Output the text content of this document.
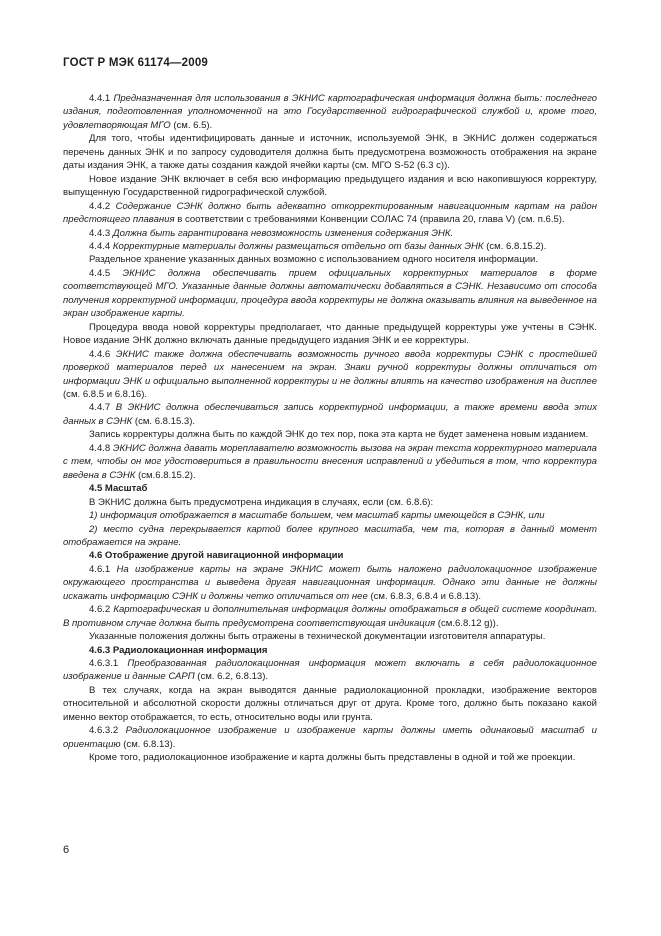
ГОСТ Р МЭК 61174—2009

4.4.1 Предназначенная для использования в ЭКНИС картографическая информация должна быть: последнего издания, подготовленная уполномоченной на это Государственной гидрографической службой и, кроме того, удовлетворяющая МГО (см. 6.5).

Для того, чтобы идентифицировать данные и источник, используемой ЭНК, в ЭКНИС должен содержаться перечень данных ЭНК и по запросу судоводителя должна быть предусмотрена возможность отображения на экране даты издания ЭНК, а также даты создания каждой ячейки карты (см. МГО S-52 (6.3 с)).

Новое издание ЭНК включает в себя всю информацию предыдущего издания и всю накопившуюся корректуру, выпущенную Государственной гидрографической службой.

4.4.2 Содержание СЭНК должно быть адекватно откорректированным навигационным картам на район предстоящего плавания в соответствии с требованиями Конвенции СОЛАС 74 (правила 20, глава V) (см. п.6.5).

4.4.3 Должна быть гарантирована невозможность изменения содержания ЭНК.

4.4.4 Корректурные материалы должны размещаться отдельно от базы данных ЭНК (см. 6.8.15.2).

Раздельное хранение указанных данных возможно с использованием одного носителя информации.

4.4.5 ЭКНИС должна обеспечивать прием официальных корректурных материалов в форме соответствующей МГО. Указанные данные должны автоматически добавляться в СЭНК. Независимо от способа получения корректурной информации, процедура ввода корректуры не должна оказывать влияния на выведенное на экран изображение карты.

Процедура ввода новой корректуры предполагает, что данные предыдущей корректуры уже учтены в СЭНК. Новое издание ЭНК должно включать данные предыдущего издания ЭНК и ее корректуры.

4.4.6 ЭКНИС также должна обеспечивать возможность ручного ввода корректуры СЭНК с простейшей проверкой материалов перед их нанесением на экран. Знаки ручной корректуры должны отличаться от информации ЭНК и официально выполненной корректуры и не должны влиять на качество изображения на дисплее (см. 6.8.5 и 6.8.16).

4.4.7 В ЭКНИС должна обеспечиваться запись корректурной информации, а также времени ввода этих данных в СЭНК (см. 6.8.15.3).

Запись корректуры должна быть по каждой ЭНК до тех пор, пока эта карта не будет заменена новым изданием.

4.4.8 ЭКНИС должна давать мореплавателю возможность вызова на экран текста корректурного материала с тем, чтобы он мог удостовериться в правильности внесения исправлений и убедиться в том, что корректура введена в СЭНК (см.6.8.15.2).

4.5 Масштаб

В ЭКНИС должна быть предусмотрена индикация в случаях, если (см. 6.8.6):

1) информация отображается в масштабе большем, чем масштаб карты имеющейся в СЭНК, или

2) место судна перекрывается картой более крупного масштаба, чем та, которая в данный момент отображается на экране.

4.6 Отображение другой навигационной информации

4.6.1 На изображение карты на экране ЭКНИС может быть наложено радиолокационное изображение окружающего пространства и выведена другая навигационная информация. Однако эти данные не должны искажать информацию СЭНК и должны четко отличаться от нее (см. 6.8.3, 6.8.4 и 6.8.13).

4.6.2 Картографическая и дополнительная информация должны отображаться в общей системе координат. В противном случае должна быть предусмотрена соответствующая индикация (см.6.8.12 g)).

Указанные положения должны быть отражены в технической документации изготовителя аппаратуры.

4.6.3 Радиолокационная информация

4.6.3.1 Преобразованная радиолокационная информация может включать в себя радиолокационное изображение и данные САРП (см. 6.2, 6.8.13).

В тех случаях, когда на экран выводятся данные радиолокационной прокладки, изображение векторов относительной и абсолютной скорости должны отличаться друг от друга. Кроме того, должно быть показано какой именно вектор отображается, то есть, относительно воды или грунта.

4.6.3.2 Радиолокационное изображение и изображение карты должны иметь одинаковый масштаб и ориентацию (см. 6.8.13).

Кроме того, радиолокационное изображение и карта должны быть представлены в одной и той же проекции.

6
